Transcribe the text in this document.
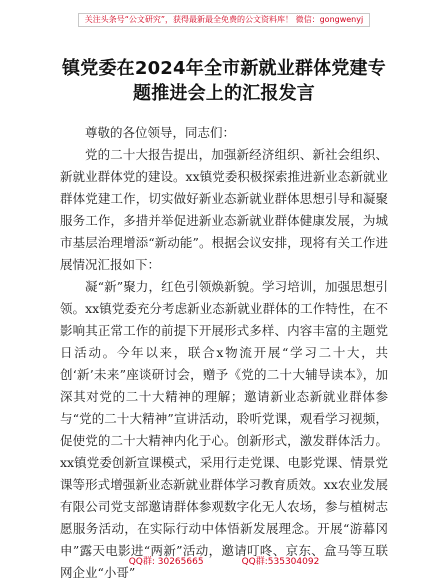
关注头条号“公文研究”，获得最新最全免费的公文资料库！ 微信：gongwenyj
镇党委在2024年全市新就业群体党建专题推进会上的汇报发言

尊敬的各位领导，同志们：

党的二十大报告提出，加强新经济组织、新社会组织、新就业群体党的建设。xx镇党委积极探索推进新业态新就业群体党建工作，切实做好新业态新就业群体思想引导和凝聚服务工作，多措并举促进新业态新就业群体健康发展，为城市基层治理增添“新动能”。根据会议安排，现将有关工作进展情况汇报如下：

凝“新”聚力，红色引领焕新貌。学习培训，加强思想引领。xx镇党委充分考虑新业态新就业群体的工作特性，在不影响其正常工作的前提下开展形式多样、内容丰富的主题党日活动。今年以来，联合x物流开展“学习二十大，共创‘新’未来”座谈研讨会，赠予《党的二十大辅导读本》，加深其对党的二十大精神的理解；邀请新业态新就业群体参与“党的二十大精神”宣讲活动，聆听党课，观看学习视频，促使党的二十大精神内化于心。创新形式，激发群体活力。xx镇党委创新宣课模式，采用行走党课、电影党课、情景党课等形式增强新业态新就业群体学习教育质效。xx农业发展有限公司党支部邀请群体参观数字化无人农场，参与植树志愿服务活动，在实际行动中体悟新发展理念。开展“游幕冈申”露天电影进“两新”活动，邀请叮咚、京东、盒马等互联网企业“小哥”

QQ群: 30265665	QQ群:535304092
